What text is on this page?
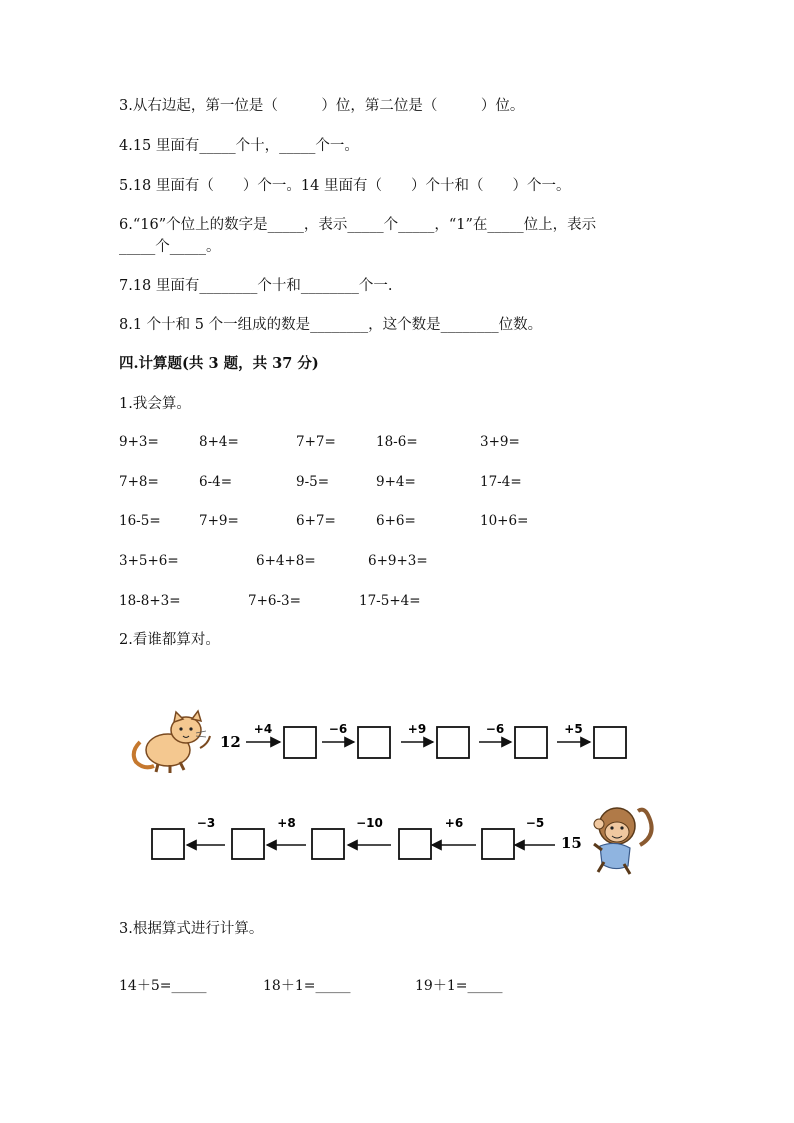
3.从右边起，第一位是（　　　）位，第二位是（　　　）位。
4.15 里面有_____个十，_____个一。
5.18 里面有（　　）个一。14 里面有（　　）个十和（　　）个一。
6.“16”个位上的数字是_____，表示_____个_____，“1”在_____位上，表示
_____个_____。
7.18 里面有________个十和________个一.
8.1 个十和 5 个一组成的数是________，这个数是________位数。
四.计算题(共 3 题，共 37 分)
1.我会算。
9+3=	8+4=	7+7=	18-6=	3+9=
7+8=	6-4=	9-5=	9+4=	17-4=
16-5=	7+9=	6+7=	6+6=	10+6=
3+5+6=	6+4+8=	6+9+3=
18-8+3=	7+6-3=	17-5+4=
2.看谁都算对。
12
+4	−6	+9	−6	+5
−3	+8	−10	+6	−5
15
3.根据算式进行计算。
14＋5=_____	18＋1=_____	19＋1=_____
